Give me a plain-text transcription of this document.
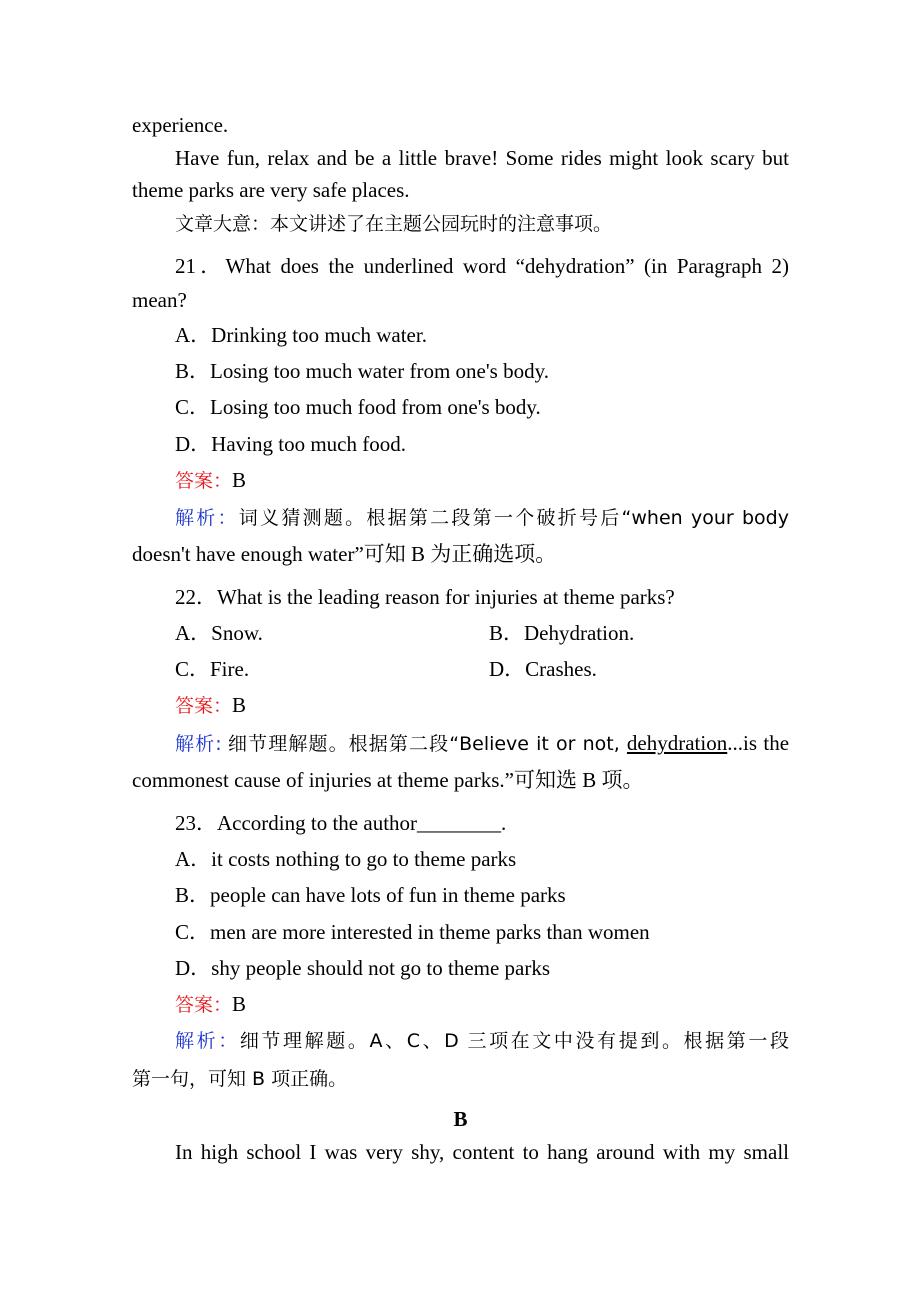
experience.
Have fun, relax and be a little brave! Some rides might look scary but
theme parks are very safe places.
文章大意：本文讲述了在主题公园玩时的注意事项。
21．What does the underlined word “dehydration” (in Paragraph 2)
mean?
A．Drinking too much water.
B．Losing too much water from one's body.
C．Losing too much food from one's body.
D．Having too much food.
答案：B
解析：词义猜测题。根据第二段第一个破折号后“when your body
doesn't have enough water”可知 B 为正确选项。
22．What is the leading reason for injuries at theme parks?
A．Snow.	B．Dehydration.
C．Fire.	D．Crashes.
答案：B
解析: 细节理解题。根据第二段“Believe it or not, dehydration...is the
commonest cause of injuries at theme parks.”可知选 B 项。
23．According to the author________.
A．it costs nothing to go to theme parks
B．people can have lots of fun in theme parks
C．men are more interested in theme parks than women
D．shy people should not go to theme parks
答案：B
解析：细节理解题。A、C、D 三项在文中没有提到。根据第一段
第一句，可知 B 项正确。
B
In high school I was very shy, content to hang around with my small
